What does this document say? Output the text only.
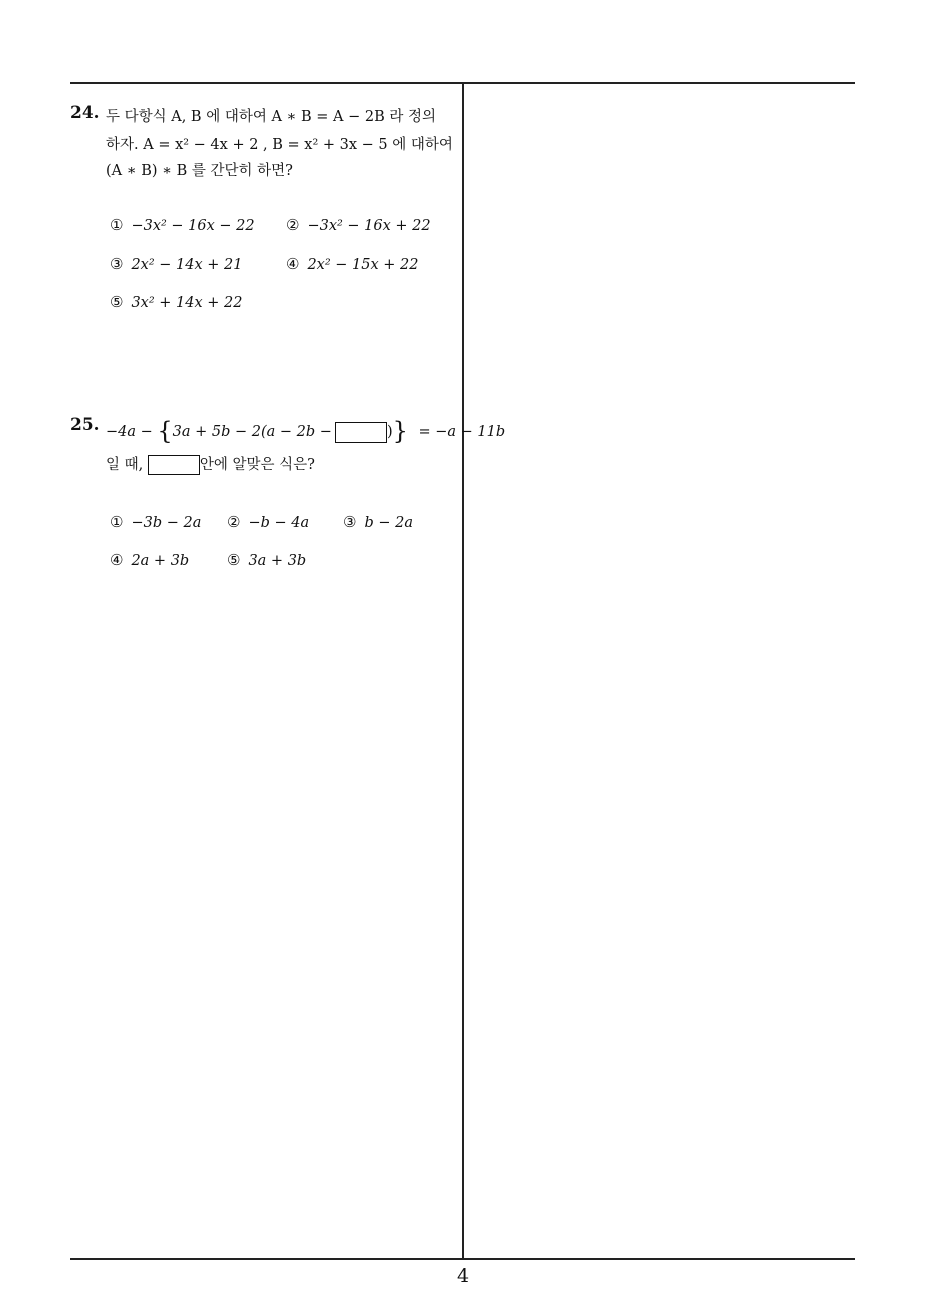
24. 두 다항식 A, B 에 대하여 A ∗ B = A − 2B 라 정의
하자. A = x² − 4x + 2 , B = x² + 3x − 5 에 대하여
(A ∗ B) ∗ B 를 간단히 하면?
① −3x² − 16x − 22 ② −3x² − 16x + 22
③ 2x² − 14x + 21	④ 2x² − 15x + 22
⑤ 3x² + 14x + 22
25. −4a − {3a + 5b − 2(a − 2b −	)} = −a − 11b
일 때,	안에 알맞은 식은?
① −3b − 2a ② −b − 4a ③ b − 2a
④ 2a + 3b	⑤ 3a + 3b
4
